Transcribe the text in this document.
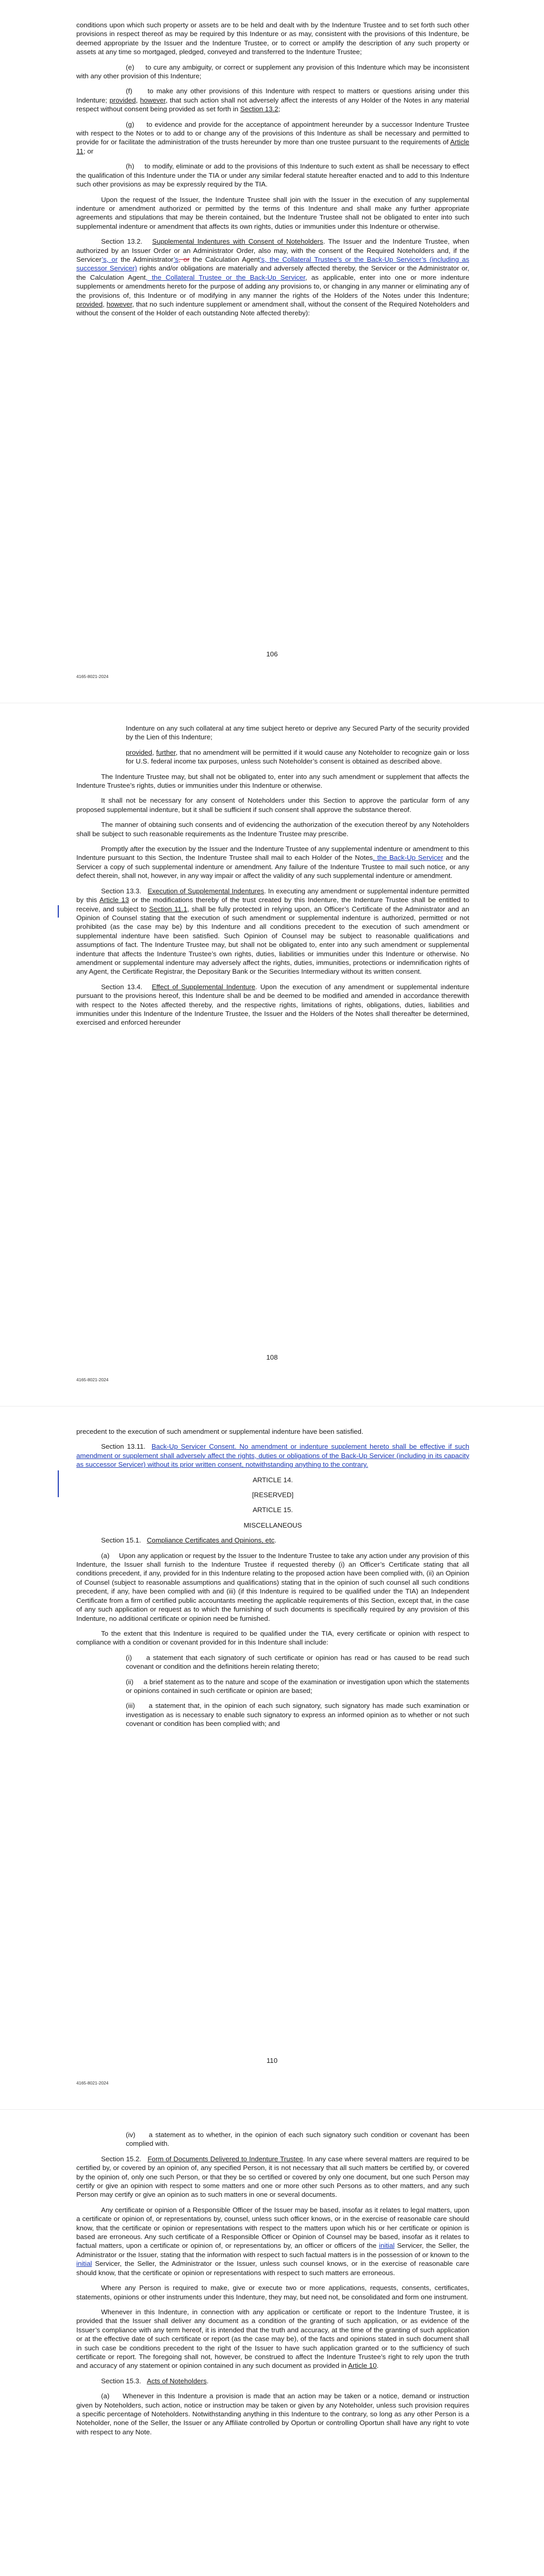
conditions upon which such property or assets are to be held and dealt with by the Indenture Trustee and to set forth such other provisions in respect thereof as may be required by this Indenture or as may, consistent with the provisions of this Indenture, be deemed appropriate by the Issuer and the Indenture Trustee, or to correct or amplify the description of any such property or assets at any time so mortgaged, pledged, conveyed and transferred to the Indenture Trustee;

(e)     to cure any ambiguity, or correct or supplement any provision of this Indenture which may be inconsistent with any other provision of this Indenture;

(f)     to make any other provisions of this Indenture with respect to matters or questions arising under this Indenture; provided, however, that such action shall not adversely affect the interests of any Holder of the Notes in any material respect without consent being provided as set forth in Section 13.2;

(g)     to evidence and provide for the acceptance of appointment hereunder by a successor Indenture Trustee with respect to the Notes or to add to or change any of the provisions of this Indenture as shall be necessary and permitted to provide for or facilitate the administration of the trusts hereunder by more than one trustee pursuant to the requirements of Article 11; or

(h)     to modify, eliminate or add to the provisions of this Indenture to such extent as shall be necessary to effect the qualification of this Indenture under the TIA or under any similar federal statute hereafter enacted and to add to this Indenture such other provisions as may be expressly required by the TIA.

Upon the request of the Issuer, the Indenture Trustee shall join with the Issuer in the execution of any supplemental indenture or amendment authorized or permitted by the terms of this Indenture and shall make any further appropriate agreements and stipulations that may be therein contained, but the Indenture Trustee shall not be obligated to enter into such supplemental indenture or amendment that affects its own rights, duties or immunities under this Indenture or otherwise.

Section 13.2.   Supplemental Indentures with Consent of Noteholders. The Issuer and the Indenture Trustee, when authorized by an Issuer Order or an Administrator Order, also may, with the consent of the Required Noteholders and, if the Servicer’s, or the Administrator’s, or the Calculation Agent’s, the Collateral Trustee’s or the Back-Up Servicer’s (including as successor Servicer) rights and/or obligations are materially and adversely affected thereby, the Servicer or the Administrator or, the Calculation Agent, the Collateral Trustee or the Back-Up Servicer, as applicable, enter into one or more indenture supplements or amendments hereto for the purpose of adding any provisions to, or changing in any manner or eliminating any of the provisions of, this Indenture or of modifying in any manner the rights of the Holders of the Notes under this Indenture; provided, however, that no such indenture supplement or amendment shall, without the consent of the Required Noteholders and without the consent of the Holder of each outstanding Note affected thereby):

106
4165-8021-2024

Indenture on any such collateral at any time subject hereto or deprive any Secured Party of the security provided by the Lien of this Indenture;

provided, further, that no amendment will be permitted if it would cause any Noteholder to recognize gain or loss for U.S. federal income tax purposes, unless such Noteholder’s consent is obtained as described above.

The Indenture Trustee may, but shall not be obligated to, enter into any such amendment or supplement that affects the Indenture Trustee’s rights, duties or immunities under this Indenture or otherwise.

It shall not be necessary for any consent of Noteholders under this Section to approve the particular form of any proposed supplemental indenture, but it shall be sufficient if such consent shall approve the substance thereof.

The manner of obtaining such consents and of evidencing the authorization of the execution thereof by any Noteholders shall be subject to such reasonable requirements as the Indenture Trustee may prescribe.

Promptly after the execution by the Issuer and the Indenture Trustee of any supplemental indenture or amendment to this Indenture pursuant to this Section, the Indenture Trustee shall mail to each Holder of the Notes, the Back-Up Servicer and the Servicer a copy of such supplemental indenture or amendment. Any failure of the Indenture Trustee to mail such notice, or any defect therein, shall not, however, in any way impair or affect the validity of any such supplemental indenture or amendment.

Section 13.3.   Execution of Supplemental Indentures. In executing any amendment or supplemental indenture permitted by this Article 13 or the modifications thereby of the trust created by this Indenture, the Indenture Trustee shall be entitled to receive, and subject to Section 11.1, shall be fully protected in relying upon, an Officer’s Certificate of the Administrator and an Opinion of Counsel stating that the execution of such amendment or supplemental indenture is authorized, permitted or not prohibited (as the case may be) by this Indenture and all conditions precedent to the execution of such amendment or supplemental indenture have been satisfied. Such Opinion of Counsel may be subject to reasonable qualifications and assumptions of fact. The Indenture Trustee may, but shall not be obligated to, enter into any such amendment or supplemental indenture that affects the Indenture Trustee’s own rights, duties, liabilities or immunities under this Indenture or otherwise. No amendment or supplemental indenture may adversely affect the rights, duties, immunities, protections or indemnification rights of any Agent, the Certificate Registrar, the Depositary Bank or the Securities Intermediary without its written consent.

Section 13.4.   Effect of Supplemental Indenture. Upon the execution of any amendment or supplemental indenture pursuant to the provisions hereof, this Indenture shall be and be deemed to be modified and amended in accordance therewith with respect to the Notes affected thereby, and the respective rights, limitations of rights, obligations, duties, liabilities and immunities under this Indenture of the Indenture Trustee, the Issuer and the Holders of the Notes shall thereafter be determined, exercised and enforced hereunder

108
4165-8021-2024

precedent to the execution of such amendment or supplemental indenture have been satisfied.

Section 13.11.  Back-Up Servicer Consent. No amendment or indenture supplement hereto shall be effective if such amendment or supplement shall adversely affect the rights, duties or obligations of the Back-Up Servicer (including in its capacity as successor Servicer) without its prior written consent, notwithstanding anything to the contrary.

ARTICLE 14.

[RESERVED]

ARTICLE 15.

MISCELLANEOUS

Section 15.1.   Compliance Certificates and Opinions, etc.

(a)     Upon any application or request by the Issuer to the Indenture Trustee to take any action under any provision of this Indenture, the Issuer shall furnish to the Indenture Trustee if requested thereby (i) an Officer’s Certificate stating that all conditions precedent, if any, provided for in this Indenture relating to the proposed action have been complied with, (ii) an Opinion of Counsel (subject to reasonable assumptions and qualifications) stating that in the opinion of such counsel all such conditions precedent, if any, have been complied with and (iii) (if this Indenture is required to be qualified under the TIA) an Independent Certificate from a firm of certified public accountants meeting the applicable requirements of this Section, except that, in the case of any such application or request as to which the furnishing of such documents is specifically required by any provision of this Indenture, no additional certificate or opinion need be furnished.

To the extent that this Indenture is required to be qualified under the TIA, every certificate or opinion with respect to compliance with a condition or covenant provided for in this Indenture shall include:

(i)     a statement that each signatory of such certificate or opinion has read or has caused to be read such covenant or condition and the definitions herein relating thereto;

(ii)     a brief statement as to the nature and scope of the examination or investigation upon which the statements or opinions contained in such certificate or opinion are based;

(iii)     a statement that, in the opinion of each such signatory, such signatory has made such examination or investigation as is necessary to enable such signatory to express an informed opinion as to whether or not such covenant or condition has been complied with; and

110
4165-8021-2024

(iv)     a statement as to whether, in the opinion of each such signatory such condition or covenant has been complied with.

Section 15.2.   Form of Documents Delivered to Indenture Trustee. In any case where several matters are required to be certified by, or covered by an opinion of, any specified Person, it is not necessary that all such matters be certified by, or covered by the opinion of, only one such Person, or that they be so certified or covered by only one document, but one such Person may certify or give an opinion with respect to some matters and one or more other such Persons as to other matters, and any such Person may certify or give an opinion as to such matters in one or several documents.

Any certificate or opinion of a Responsible Officer of the Issuer may be based, insofar as it relates to legal matters, upon a certificate or opinion of, or representations by, counsel, unless such officer knows, or in the exercise of reasonable care should know, that the certificate or opinion or representations with respect to the matters upon which his or her certificate or opinion is based are erroneous. Any such certificate of a Responsible Officer or Opinion of Counsel may be based, insofar as it relates to factual matters, upon a certificate or opinion of, or representations by, an officer or officers of the initial Servicer, the Seller, the Administrator or the Issuer, stating that the information with respect to such factual matters is in the possession of or known to the initial Servicer, the Seller, the Administrator or the Issuer, unless such counsel knows, or in the exercise of reasonable care should know, that the certificate or opinion or representations with respect to such matters are erroneous.

Where any Person is required to make, give or execute two or more applications, requests, consents, certificates, statements, opinions or other instruments under this Indenture, they may, but need not, be consolidated and form one instrument.

Whenever in this Indenture, in connection with any application or certificate or report to the Indenture Trustee, it is provided that the Issuer shall deliver any document as a condition of the granting of such application, or as evidence of the Issuer’s compliance with any term hereof, it is intended that the truth and accuracy, at the time of the granting of such application or at the effective date of such certificate or report (as the case may be), of the facts and opinions stated in such document shall in such case be conditions precedent to the right of the Issuer to have such application granted or to the sufficiency of such certificate or report. The foregoing shall not, however, be construed to affect the Indenture Trustee’s right to rely upon the truth and accuracy of any statement or opinion contained in any such document as provided in Article 10.

Section 15.3.   Acts of Noteholders.

(a)     Whenever in this Indenture a provision is made that an action may be taken or a notice, demand or instruction given by Noteholders, such action, notice or instruction may be taken or given by any Noteholder, unless such provision requires a specific percentage of Noteholders. Notwithstanding anything in this Indenture to the contrary, so long as any other Person is a Noteholder, none of the Seller, the Issuer or any Affiliate controlled by Oportun or controlling Oportun shall have any right to vote with respect to any Note.
